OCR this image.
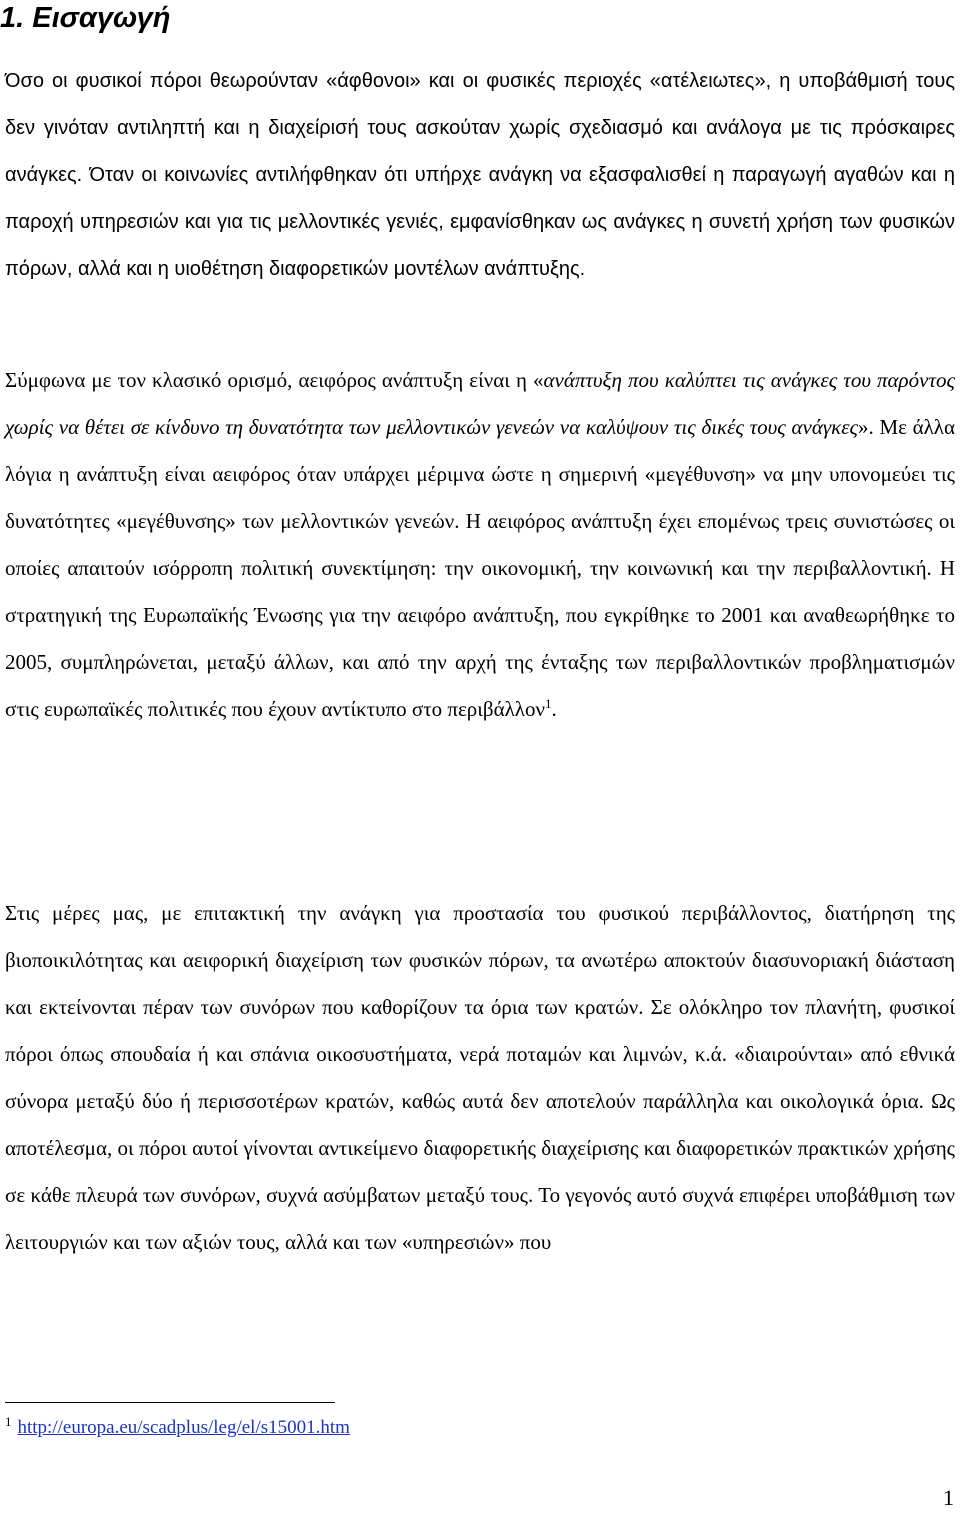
1. Εισαγωγή

Όσο οι φυσικοί πόροι θεωρούνταν «άφθονοι» και οι φυσικές περιοχές «ατέλειωτες», η υποβάθμισή τους δεν γινόταν αντιληπτή και η διαχείρισή τους ασκούταν χωρίς σχεδιασμό και ανάλογα με τις πρόσκαιρες ανάγκες. Όταν οι κοινωνίες αντιλήφθηκαν ότι υπήρχε ανάγκη να εξασφαλισθεί η παραγωγή αγαθών και η παροχή υπηρεσιών και για τις μελλοντικές γενιές, εμφανίσθηκαν ως ανάγκες η συνετή χρήση των φυσικών πόρων, αλλά και η υιοθέτηση διαφορετικών μοντέλων ανάπτυξης.

Σύμφωνα με τον κλασικό ορισμό, αειφόρος ανάπτυξη είναι η «ανάπτυξη που καλύπτει τις ανάγκες του παρόντος χωρίς να θέτει σε κίνδυνο τη δυνατότητα των μελλοντικών γενεών να καλύψουν τις δικές τους ανάγκες». Με άλλα λόγια η ανάπτυξη είναι αειφόρος όταν υπάρχει μέριμνα ώστε η σημερινή «μεγέθυνση» να μην υπονομεύει τις δυνατότητες «μεγέθυνσης» των μελλοντικών γενεών. Η αειφόρος ανάπτυξη έχει επομένως τρεις συνιστώσες οι οποίες απαιτούν ισόρροπη πολιτική συνεκτίμηση: την οικονομική, την κοινωνική και την περιβαλλοντική. Η στρατηγική της Ευρωπαϊκής Ένωσης για την αειφόρο ανάπτυξη, που εγκρίθηκε το 2001 και αναθεωρήθηκε το 2005, συμπληρώνεται, μεταξύ άλλων, και από την αρχή της ένταξης των περιβαλλοντικών προβληματισμών στις ευρωπαϊκές πολιτικές που έχουν αντίκτυπο στο περιβάλλον$^1$.

Στις μέρες μας, με επιτακτική την ανάγκη για προστασία του φυσικού περιβάλλοντος, διατήρηση της βιοποικιλότητας και αειφορική διαχείριση των φυσικών πόρων, τα ανωτέρω αποκτούν διασυνοριακή διάσταση και εκτείνονται πέραν των συνόρων που καθορίζουν τα όρια των κρατών. Σε ολόκληρο τον πλανήτη, φυσικοί πόροι όπως σπουδαία ή και σπάνια οικοσυστήματα, νερά ποταμών και λιμνών, κ.ά. «διαιρούνται» από εθνικά σύνορα μεταξύ δύο ή περισσοτέρων κρατών, καθώς αυτά δεν αποτελούν παράλληλα και οικολογικά όρια. Ως αποτέλεσμα, οι πόροι αυτοί γίνονται αντικείμενο διαφορετικής διαχείρισης και διαφορετικών πρακτικών χρήσης σε κάθε πλευρά των συνόρων, συχνά ασύμβατων μεταξύ τους. Το γεγονός αυτό συχνά επιφέρει υποβάθμιση των λειτουργιών και των αξιών τους, αλλά και των «υπηρεσιών» που

$^1$ http://europa.eu/scadplus/leg/el/s15001.htm
1
